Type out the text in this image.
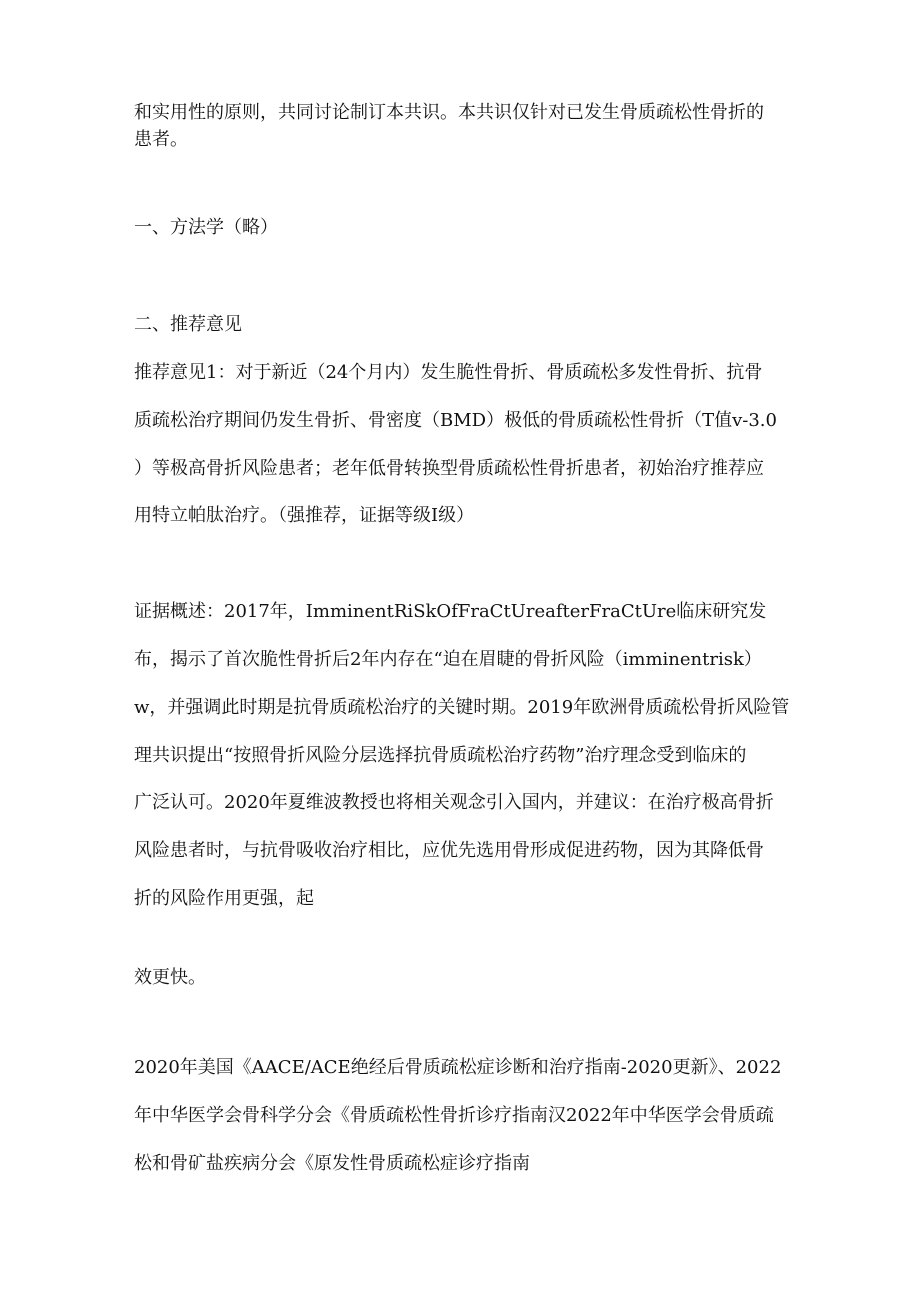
和实用性的原则，共同讨论制订本共识。本共识仅针对已发生骨质疏松性骨折的

患者。

一、方法学（略）

二、推荐意见

推荐意见1：对于新近（24个月内）发生脆性骨折、骨质疏松多发性骨折、抗骨

质疏松治疗期间仍发生骨折、骨密度（BMD）极低的骨质疏松性骨折（T值v-3.0

）等极高骨折风险患者；老年低骨转换型骨质疏松性骨折患者，初始治疗推荐应

用特立帕肽治疗。（强推荐，证据等级I级）

证据概述：2017年，ImminentRiSkOfFraCtUreafterFraCtUre临床研究发

布，揭示了首次脆性骨折后2年内存在“迫在眉睫的骨折风险（imminentrisk）

w，并强调此时期是抗骨质疏松治疗的关键时期。2019年欧洲骨质疏松骨折风险管

理共识提出“按照骨折风险分层选择抗骨质疏松治疗药物”治疗理念受到临床的

广泛认可。2020年夏维波教授也将相关观念引入国内，并建议：在治疗极高骨折

风险患者时，与抗骨吸收治疗相比，应优先选用骨形成促进药物，因为其降低骨

折的风险作用更强，起

效更快。

2020年美国《AACE/ACE绝经后骨质疏松症诊断和治疗指南-2020更新》、2022

年中华医学会骨科学分会《骨质疏松性骨折诊疗指南汉2022年中华医学会骨质疏

松和骨矿盐疾病分会《原发性骨质疏松症诊疗指南
